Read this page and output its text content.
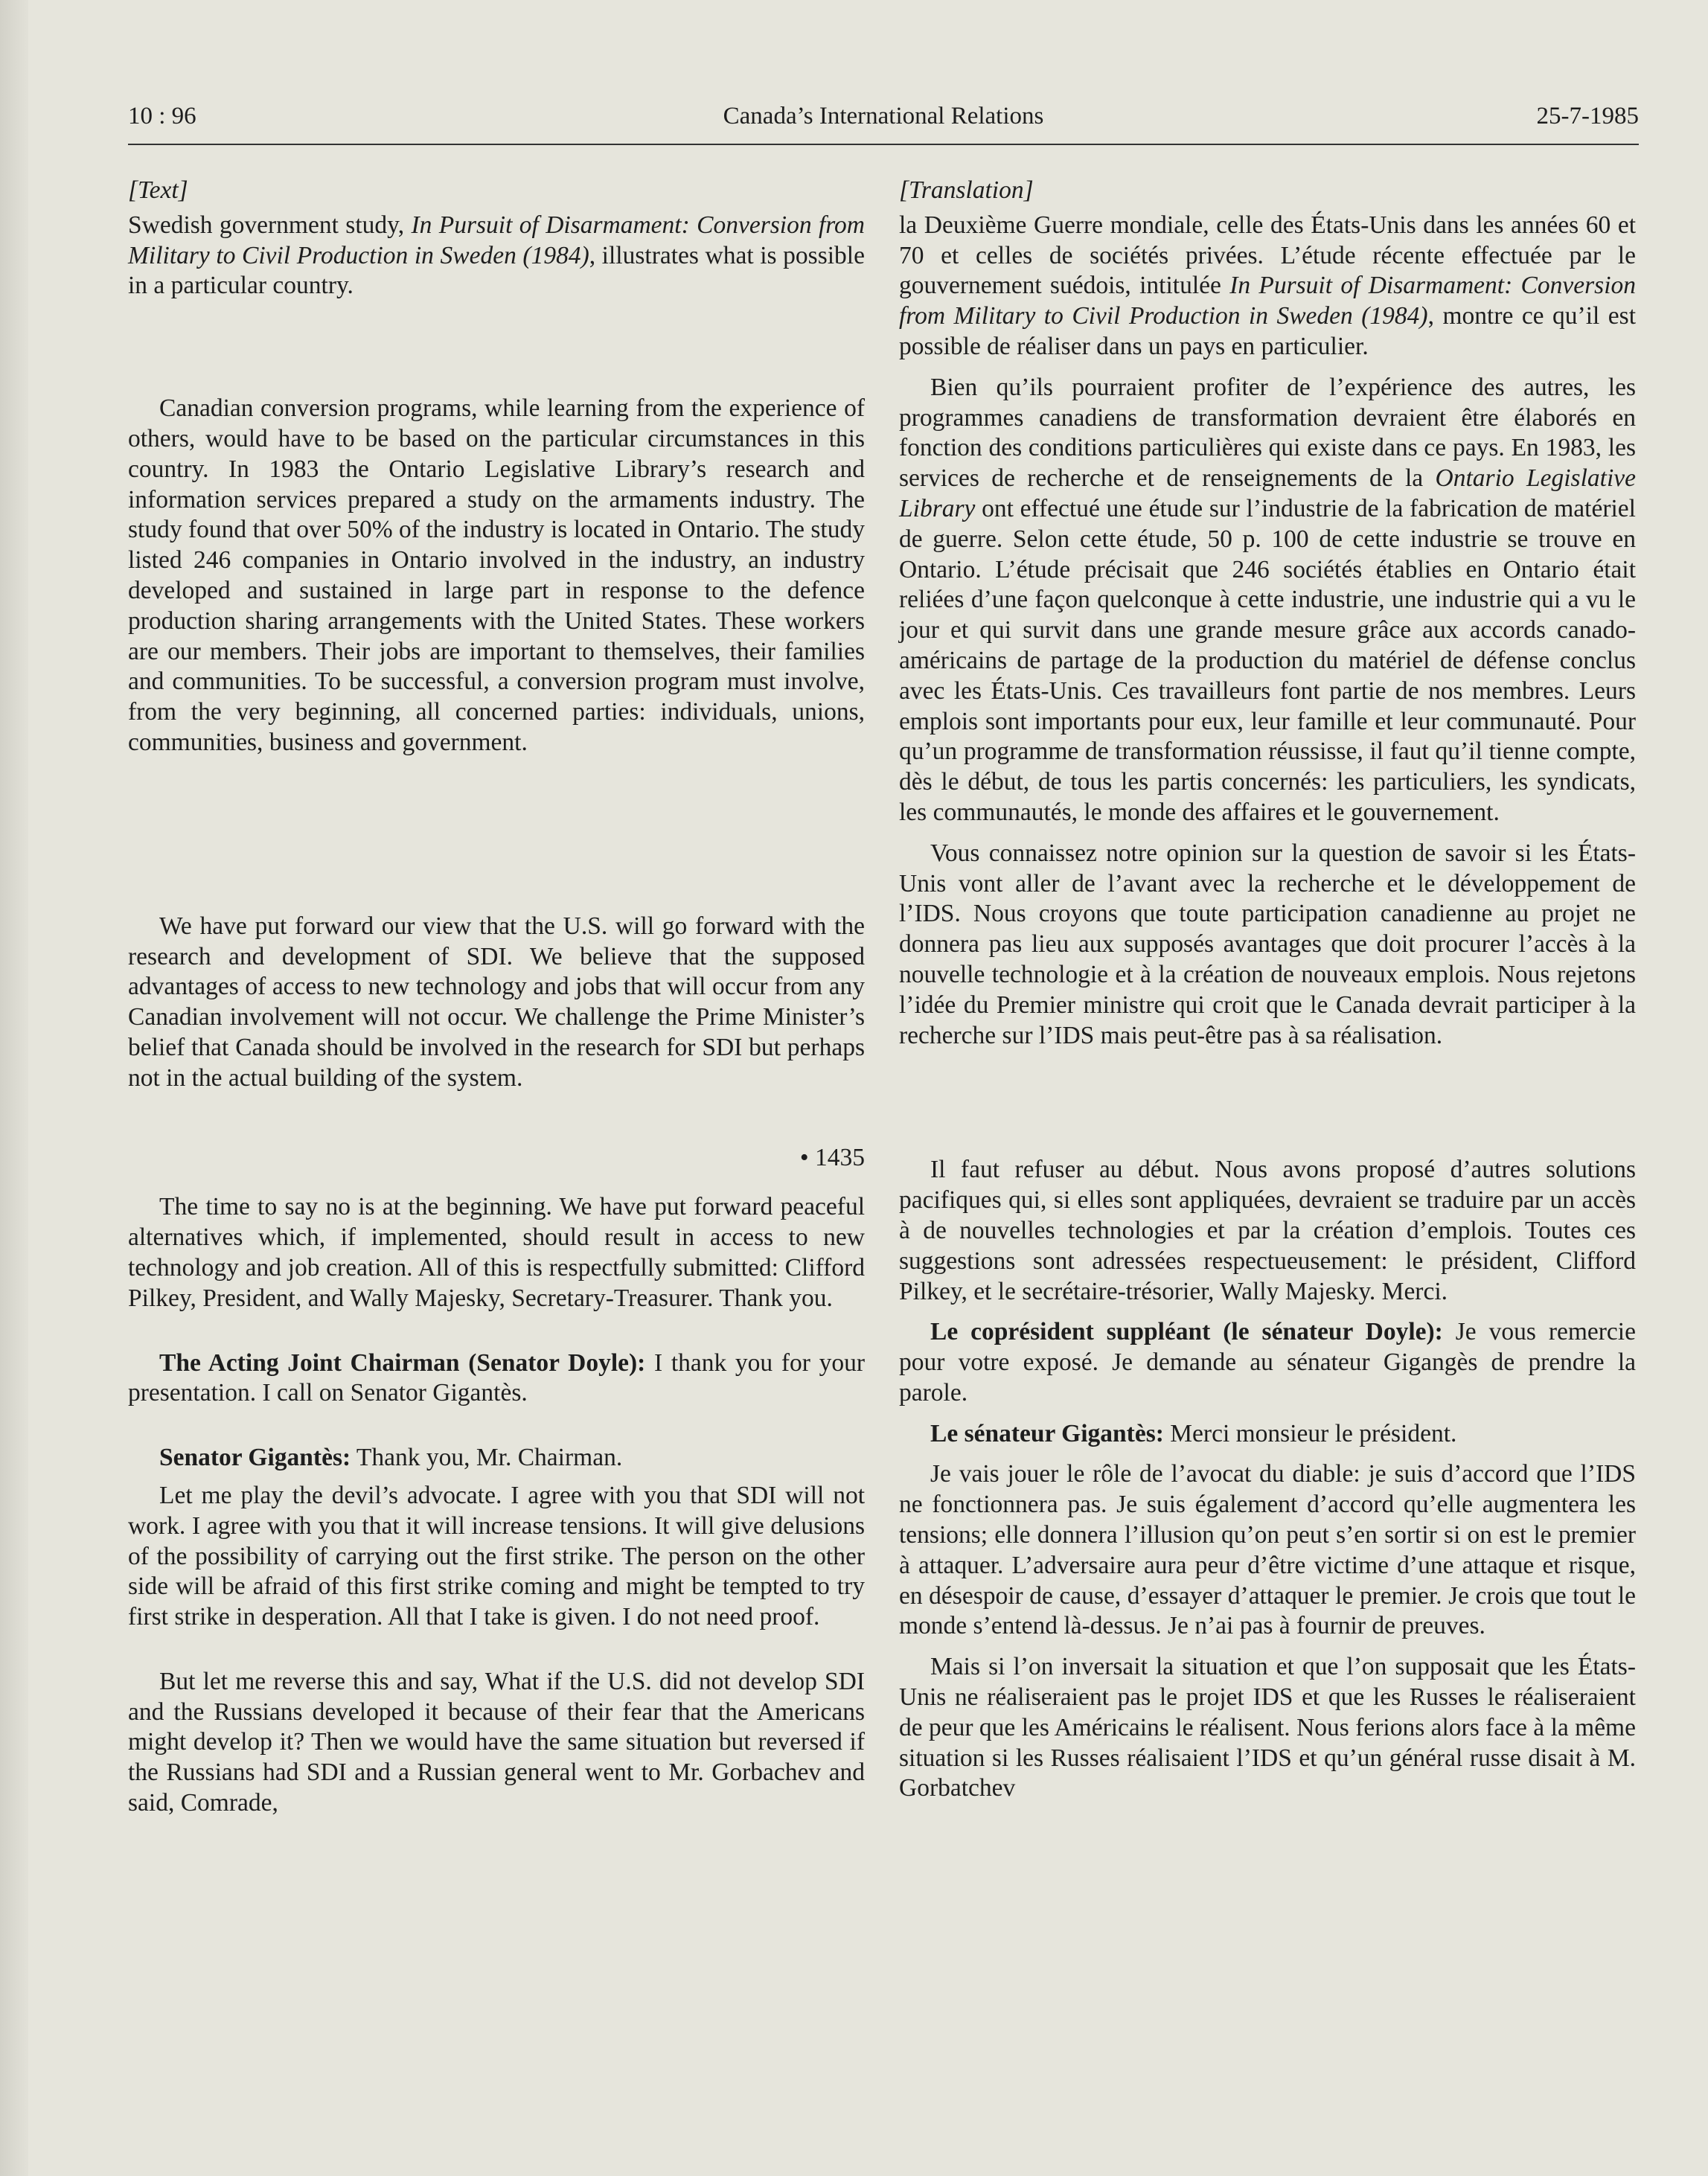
10 : 96	Canada’s International Relations	25-7-1985

[Text]

Swedish government study, In Pursuit of Disarmament: Conversion from Military to Civil Production in Sweden (1984), illustrates what is possible in a particular country.

Canadian conversion programs, while learning from the experience of others, would have to be based on the particular circumstances in this country. In 1983 the Ontario Legislative Library’s research and information services prepared a study on the armaments industry. The study found that over 50% of the industry is located in Ontario. The study listed 246 companies in Ontario involved in the industry, an industry developed and sustained in large part in response to the defence production sharing arrangements with the United States. These workers are our members. Their jobs are important to themselves, their families and communities. To be successful, a conversion program must involve, from the very beginning, all concerned parties: individuals, unions, communities, business and government.

We have put forward our view that the U.S. will go forward with the research and development of SDI. We believe that the supposed advantages of access to new technology and jobs that will occur from any Canadian involvement will not occur. We challenge the Prime Minister’s belief that Canada should be involved in the research for SDI but perhaps not in the actual building of the system.

• 1435

The time to say no is at the beginning. We have put forward peaceful alternatives which, if implemented, should result in access to new technology and job creation. All of this is respectfully submitted: Clifford Pilkey, President, and Wally Majesky, Secretary-Treasurer. Thank you.

The Acting Joint Chairman (Senator Doyle): I thank you for your presentation. I call on Senator Gigantès.

Senator Gigantès: Thank you, Mr. Chairman.

Let me play the devil’s advocate. I agree with you that SDI will not work. I agree with you that it will increase tensions. It will give delusions of the possibility of carrying out the first strike. The person on the other side will be afraid of this first strike coming and might be tempted to try first strike in desperation. All that I take is given. I do not need proof.

But let me reverse this and say, What if the U.S. did not develop SDI and the Russians developed it because of their fear that the Americans might develop it? Then we would have the same situation but reversed if the Russians had SDI and a Russian general went to Mr. Gorbachev and said, Comrade,

[Translation]

la Deuxième Guerre mondiale, celle des États-Unis dans les années 60 et 70 et celles de sociétés privées. L’étude récente effectuée par le gouvernement suédois, intitulée In Pursuit of Disarmament: Conversion from Military to Civil Production in Sweden (1984), montre ce qu’il est possible de réaliser dans un pays en particulier.

Bien qu’ils pourraient profiter de l’expérience des autres, les programmes canadiens de transformation devraient être élaborés en fonction des conditions particulières qui existe dans ce pays. En 1983, les services de recherche et de renseignements de la Ontario Legislative Library ont effectué une étude sur l’industrie de la fabrication de matériel de guerre. Selon cette étude, 50 p. 100 de cette industrie se trouve en Ontario. L’étude précisait que 246 sociétés établies en Ontario était reliées d’une façon quelconque à cette industrie, une industrie qui a vu le jour et qui survit dans une grande mesure grâce aux accords canado-américains de partage de la production du matériel de défense conclus avec les États-Unis. Ces travailleurs font partie de nos membres. Leurs emplois sont importants pour eux, leur famille et leur communauté. Pour qu’un programme de transformation réussisse, il faut qu’il tienne compte, dès le début, de tous les partis concernés: les particuliers, les syndicats, les communautés, le monde des affaires et le gouvernement.

Vous connaissez notre opinion sur la question de savoir si les États-Unis vont aller de l’avant avec la recherche et le développement de l’IDS. Nous croyons que toute participation canadienne au projet ne donnera pas lieu aux supposés avantages que doit procurer l’accès à la nouvelle technologie et à la création de nouveaux emplois. Nous rejetons l’idée du Premier ministre qui croit que le Canada devrait participer à la recherche sur l’IDS mais peut-être pas à sa réalisation.

Il faut refuser au début. Nous avons proposé d’autres solutions pacifiques qui, si elles sont appliquées, devraient se traduire par un accès à de nouvelles technologies et par la création d’emplois. Toutes ces suggestions sont adressées respectueusement: le président, Clifford Pilkey, et le secrétaire-trésorier, Wally Majesky. Merci.

Le coprésident suppléant (le sénateur Doyle): Je vous remercie pour votre exposé. Je demande au sénateur Gigangès de prendre la parole.

Le sénateur Gigantès: Merci monsieur le président.

Je vais jouer le rôle de l’avocat du diable: je suis d’accord que l’IDS ne fonctionnera pas. Je suis également d’accord qu’elle augmentera les tensions; elle donnera l’illusion qu’on peut s’en sortir si on est le premier à attaquer. L’adversaire aura peur d’être victime d’une attaque et risque, en désespoir de cause, d’essayer d’attaquer le premier. Je crois que tout le monde s’entend là-dessus. Je n’ai pas à fournir de preuves.

Mais si l’on inversait la situation et que l’on supposait que les États-Unis ne réaliseraient pas le projet IDS et que les Russes le réaliseraient de peur que les Américains le réalisent. Nous ferions alors face à la même situation si les Russes réalisaient l’IDS et qu’un général russe disait à M. Gorbatchev
